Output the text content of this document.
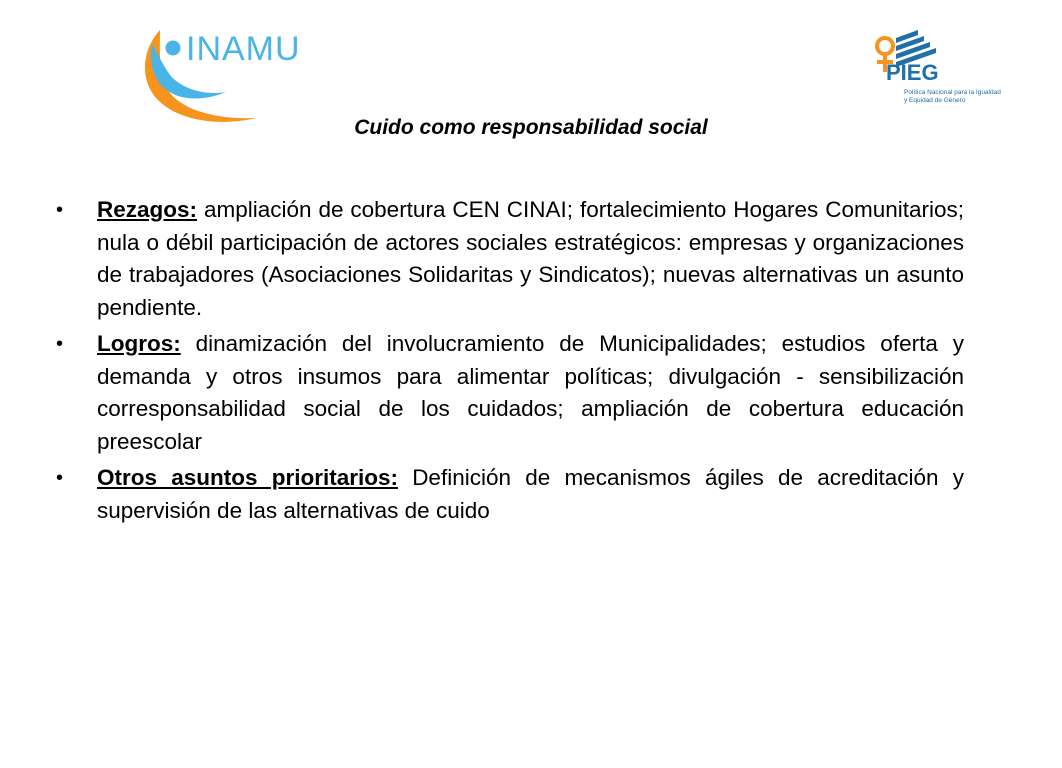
INAMU
PIEG
Política Nacional para la Igualdad
y Equidad de Género
Cuido como responsabilidad social
• Rezagos: ampliación de cobertura CEN CINAI; fortalecimiento Hogares Comunitarios; nula o débil participación de actores sociales estratégicos: empresas y organizaciones de trabajadores (Asociaciones Solidaritas y Sindicatos); nuevas alternativas un asunto pendiente.
• Logros: dinamización del involucramiento de Municipalidades; estudios oferta y demanda y otros insumos para alimentar políticas; divulgación - sensibilización corresponsabilidad social de los cuidados; ampliación de cobertura educación preescolar
• Otros asuntos prioritarios: Definición de mecanismos ágiles de acreditación y supervisión de las alternativas de cuido
